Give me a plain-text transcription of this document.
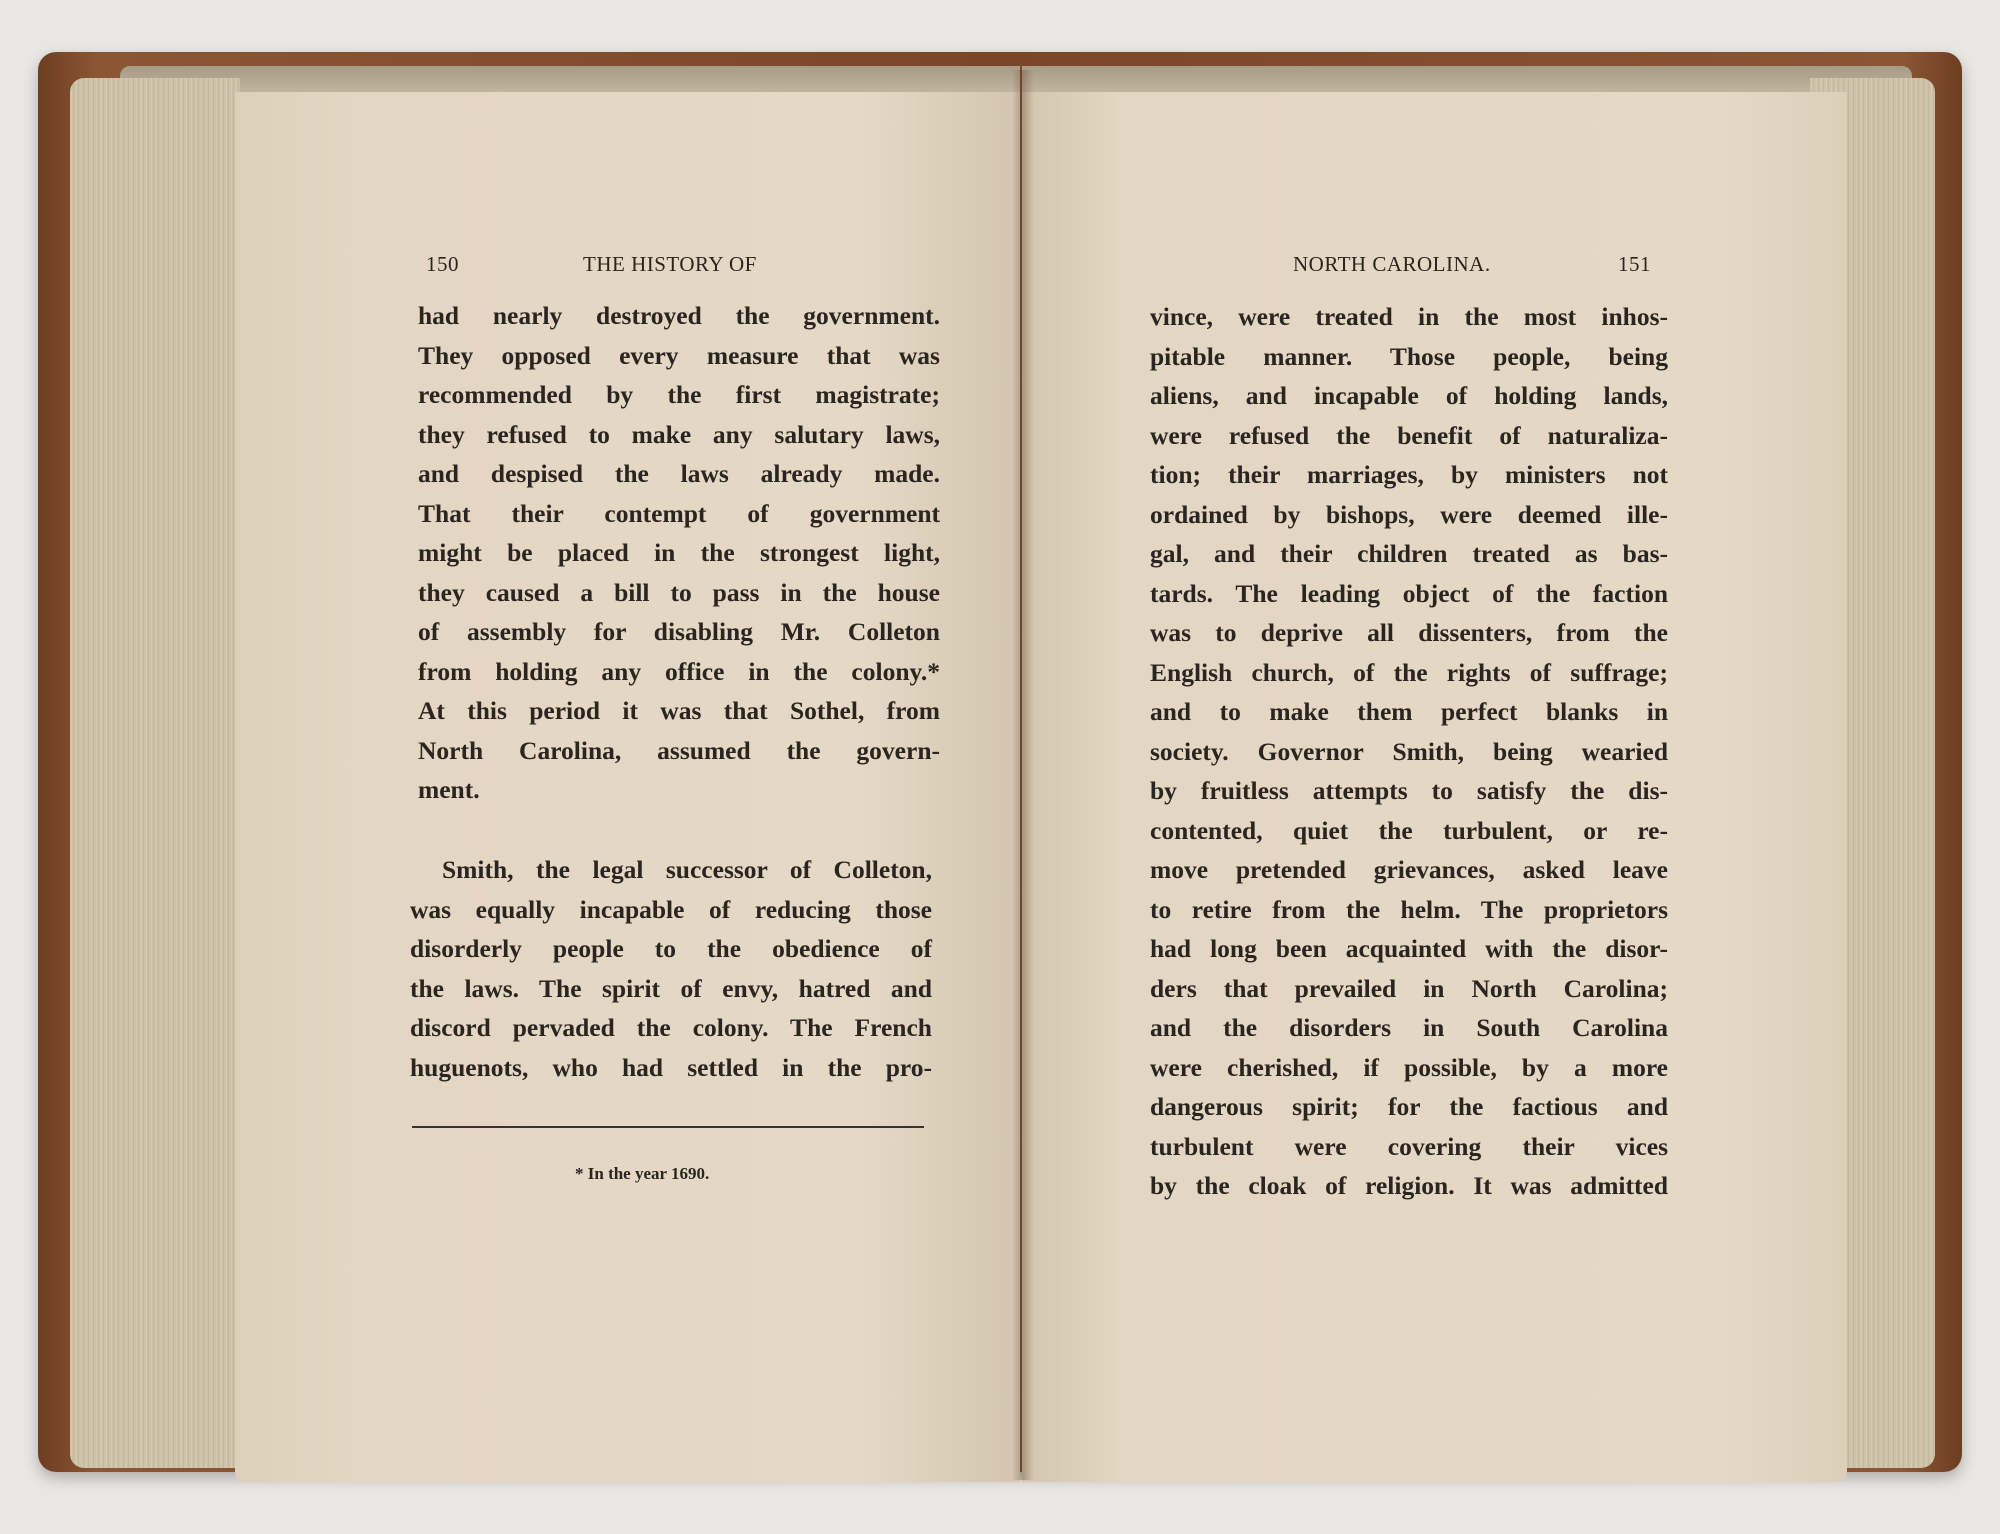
150	THE HISTORY OF
had nearly destroyed the government.
They opposed every measure that was
recommended by the first magistrate;
they refused to make any salutary laws,
and despised the laws already made.
That their contempt of government
might be placed in the strongest light,
they caused a bill to pass in the house
of assembly for disabling Mr. Colleton
from holding any office in the colony.*
At this period it was that Sothel, from
North Carolina, assumed the govern-
ment.
Smith, the legal successor of Colleton,
was equally incapable of reducing those
disorderly people to the obedience of
the laws. The spirit of envy, hatred and
discord pervaded the colony. The French
huguenots, who had settled in the pro-
* In the year 1690.
NORTH CAROLINA.	151
vince, were treated in the most inhos-
pitable manner. Those people, being
aliens, and incapable of holding lands,
were refused the benefit of naturaliza-
tion; their marriages, by ministers not
ordained by bishops, were deemed ille-
gal, and their children treated as bas-
tards. The leading object of the faction
was to deprive all dissenters, from the
English church, of the rights of suffrage;
and to make them perfect blanks in
society. Governor Smith, being wearied
by fruitless attempts to satisfy the dis-
contented, quiet the turbulent, or re-
move pretended grievances, asked leave
to retire from the helm. The proprietors
had long been acquainted with the disor-
ders that prevailed in North Carolina;
and the disorders in South Carolina
were cherished, if possible, by a more
dangerous spirit; for the factious and
turbulent were covering their vices
by the cloak of religion. It was admitted
